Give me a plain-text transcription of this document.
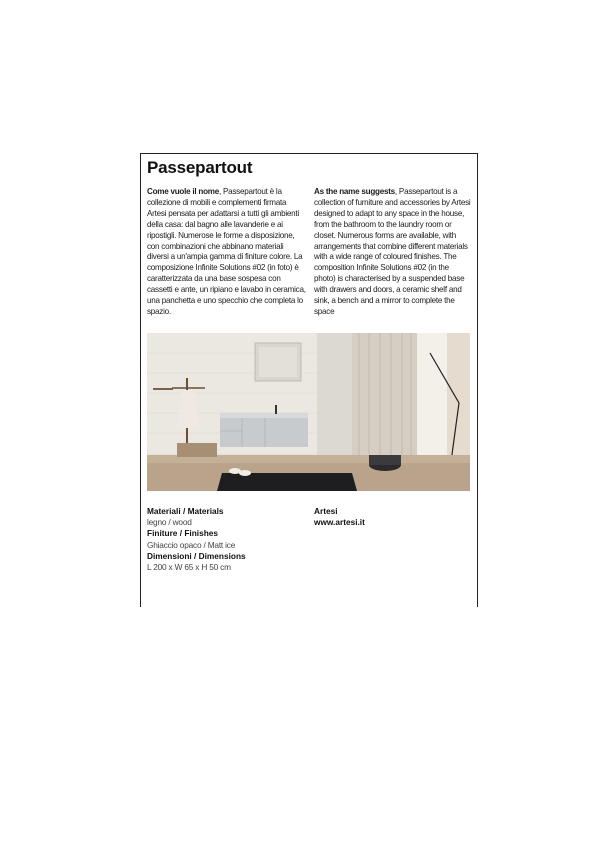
Passepartout
Come vuole il nome, Passepartout è la collezione di mobili e complementi firmata Artesi pensata per adattarsi a tutti gli ambienti della casa: dal bagno alle lavanderie e ai ripostigli. Numerose le forme a disposizione, con combinazioni che abbinano materiali diversi a un'ampia gamma di finiture colore. La composizione Infinite Solutions #02 (in foto) è caratterizzata da una base sospesa con cassetti e ante, un ripiano e lavabo in ceramica, una panchetta e uno specchio che completa lo spazio.
As the name suggests, Passepartout is a collection of furniture and accessories by Artesi designed to adapt to any space in the house, from the bathroom to the laundry room or closet. Numerous forms are available, with arrangements that combine different materials with a wide range of coloured finishes. The composition Infinite Solutions #02 (in the photo) is characterised by a suspended base with drawers and doors, a ceramic shelf and sink, a bench and a mirror to complete the space
Materiali / Materials
legno / wood
Finiture / Finishes
Ghiaccio opaco / Matt ice
Dimensioni / Dimensions
L 200 x W 65 x H 50 cm
Artesi
www.artesi.it
